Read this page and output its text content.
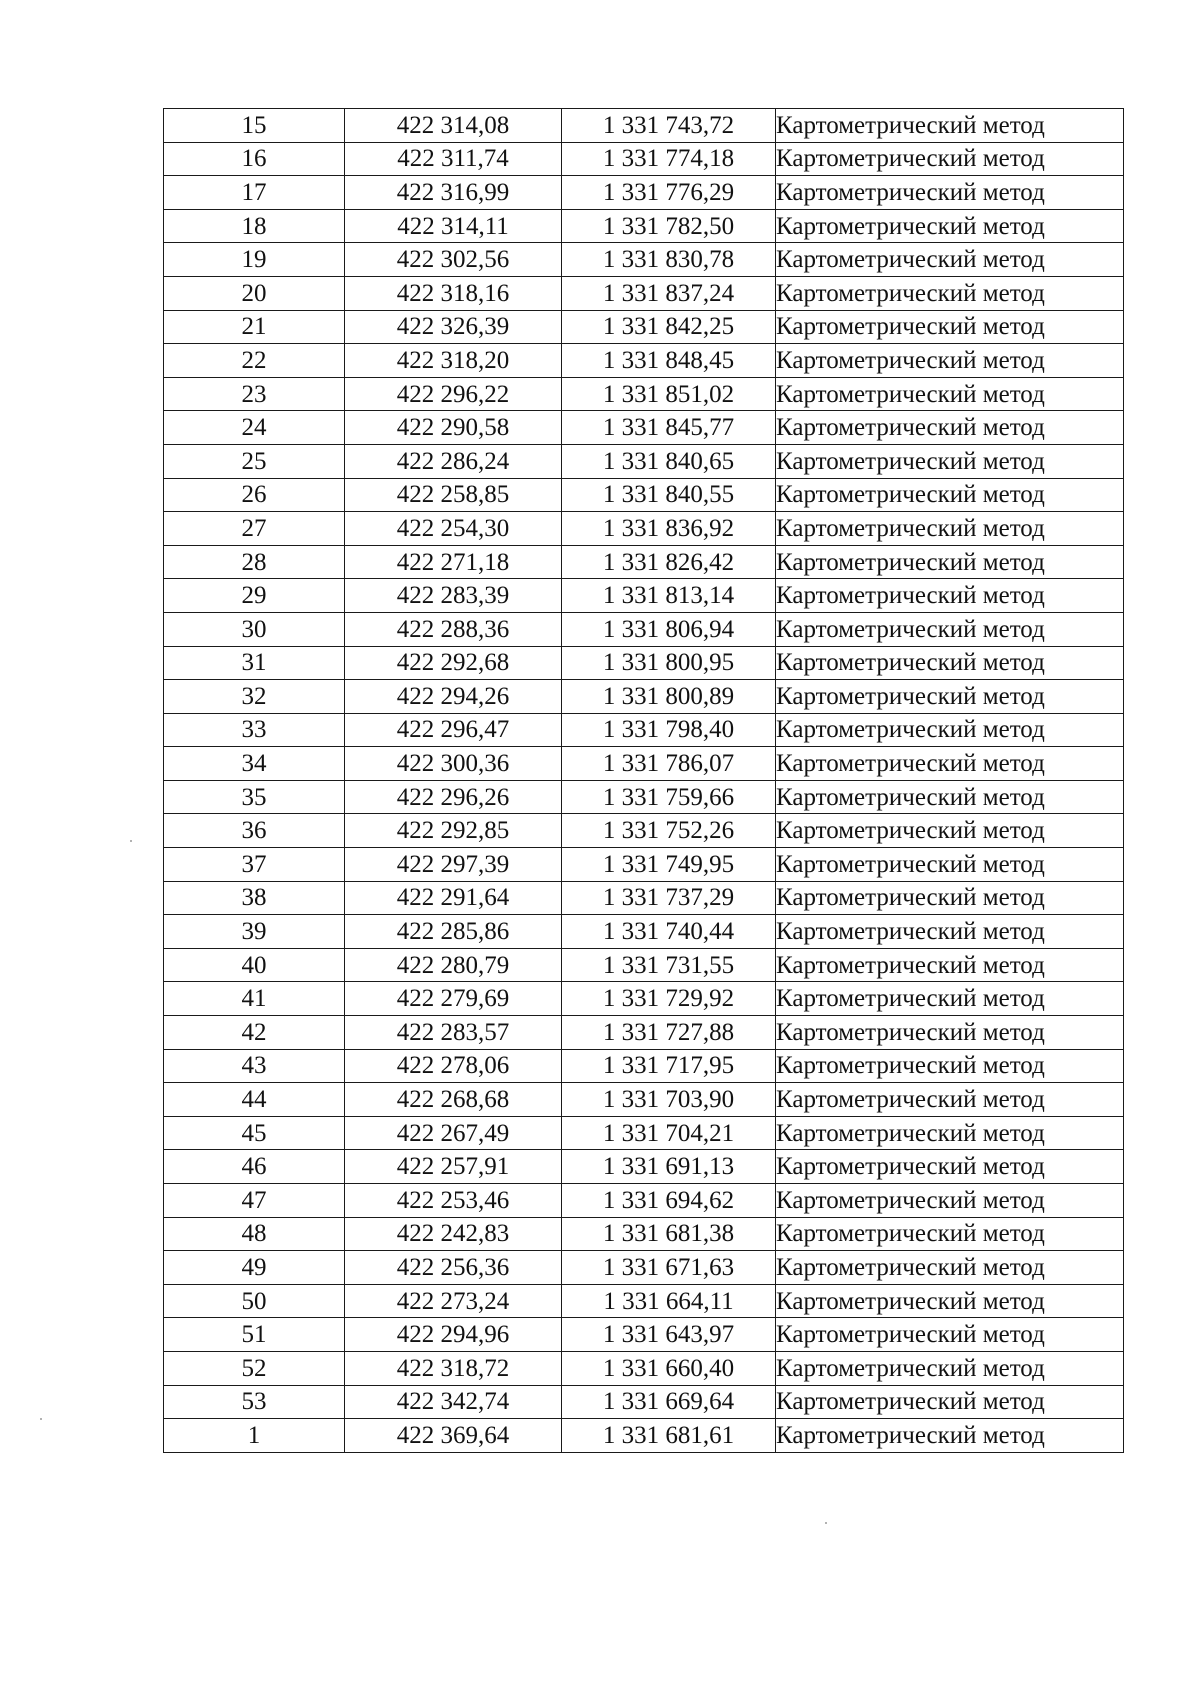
15	422 314,08	1 331 743,72	Картометрический метод
16	422 311,74	1 331 774,18	Картометрический метод
17	422 316,99	1 331 776,29	Картометрический метод
18	422 314,11	1 331 782,50	Картометрический метод
19	422 302,56	1 331 830,78	Картометрический метод
20	422 318,16	1 331 837,24	Картометрический метод
21	422 326,39	1 331 842,25	Картометрический метод
22	422 318,20	1 331 848,45	Картометрический метод
23	422 296,22	1 331 851,02	Картометрический метод
24	422 290,58	1 331 845,77	Картометрический метод
25	422 286,24	1 331 840,65	Картометрический метод
26	422 258,85	1 331 840,55	Картометрический метод
27	422 254,30	1 331 836,92	Картометрический метод
28	422 271,18	1 331 826,42	Картометрический метод
29	422 283,39	1 331 813,14	Картометрический метод
30	422 288,36	1 331 806,94	Картометрический метод
31	422 292,68	1 331 800,95	Картометрический метод
32	422 294,26	1 331 800,89	Картометрический метод
33	422 296,47	1 331 798,40	Картометрический метод
34	422 300,36	1 331 786,07	Картометрический метод
35	422 296,26	1 331 759,66	Картометрический метод
36	422 292,85	1 331 752,26	Картометрический метод
37	422 297,39	1 331 749,95	Картометрический метод
38	422 291,64	1 331 737,29	Картометрический метод
39	422 285,86	1 331 740,44	Картометрический метод
40	422 280,79	1 331 731,55	Картометрический метод
41	422 279,69	1 331 729,92	Картометрический метод
42	422 283,57	1 331 727,88	Картометрический метод
43	422 278,06	1 331 717,95	Картометрический метод
44	422 268,68	1 331 703,90	Картометрический метод
45	422 267,49	1 331 704,21	Картометрический метод
46	422 257,91	1 331 691,13	Картометрический метод
47	422 253,46	1 331 694,62	Картометрический метод
48	422 242,83	1 331 681,38	Картометрический метод
49	422 256,36	1 331 671,63	Картометрический метод
50	422 273,24	1 331 664,11	Картометрический метод
51	422 294,96	1 331 643,97	Картометрический метод
52	422 318,72	1 331 660,40	Картометрический метод
53	422 342,74	1 331 669,64	Картометрический метод
1	422 369,64	1 331 681,61	Картометрический метод
